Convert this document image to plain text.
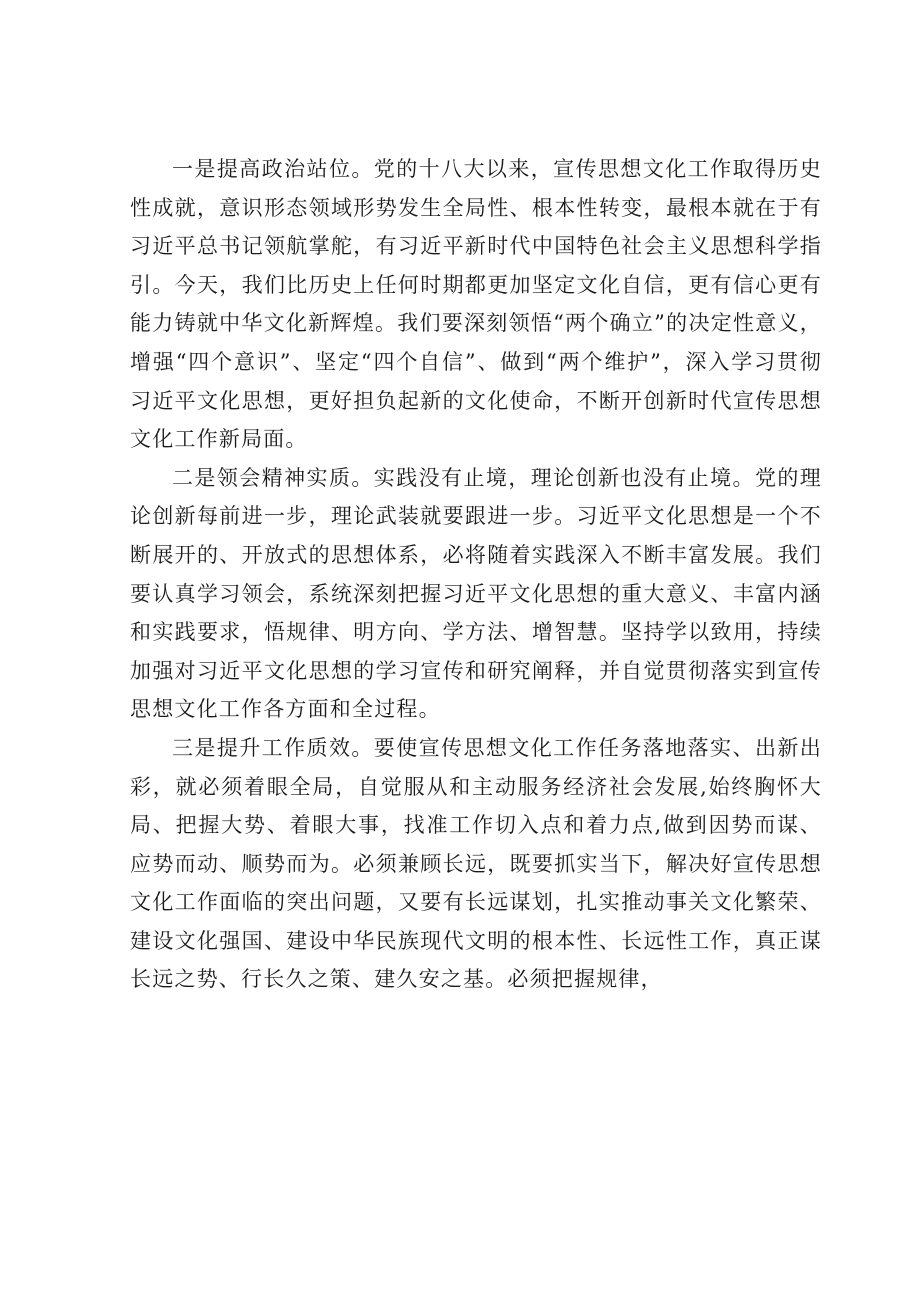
一是提高政治站位。党的十八大以来，宣传思想文化工作取得历史性成就，意识形态领域形势发生全局性、根本性转变，最根本就在于有习近平总书记领航掌舵，有习近平新时代中国特色社会主义思想科学指引。今天，我们比历史上任何时期都更加坚定文化自信，更有信心更有能力铸就中华文化新辉煌。我们要深刻领悟“两个确立”的决定性意义，增强“四个意识”、坚定“四个自信”、做到“两个维护”，深入学习贯彻习近平文化思想，更好担负起新的文化使命，不断开创新时代宣传思想文化工作新局面。

二是领会精神实质。实践没有止境，理论创新也没有止境。党的理论创新每前进一步，理论武装就要跟进一步。习近平文化思想是一个不断展开的、开放式的思想体系，必将随着实践深入不断丰富发展。我们要认真学习领会，系统深刻把握习近平文化思想的重大意义、丰富内涵和实践要求，悟规律、明方向、学方法、增智慧。坚持学以致用，持续加强对习近平文化思想的学习宣传和研究阐释，并自觉贯彻落实到宣传思想文化工作各方面和全过程。

三是提升工作质效。要使宣传思想文化工作任务落地落实、出新出彩，就必须着眼全局，自觉服从和主动服务经济社会发展,始终胸怀大局、把握大势、着眼大事，找准工作切入点和着力点,做到因势而谋、应势而动、顺势而为。必须兼顾长远，既要抓实当下，解决好宣传思想文化工作面临的突出问题，又要有长远谋划，扎实推动事关文化繁荣、建设文化强国、建设中华民族现代文明的根本性、长远性工作，真正谋长远之势、行长久之策、建久安之基。必须把握规律，
